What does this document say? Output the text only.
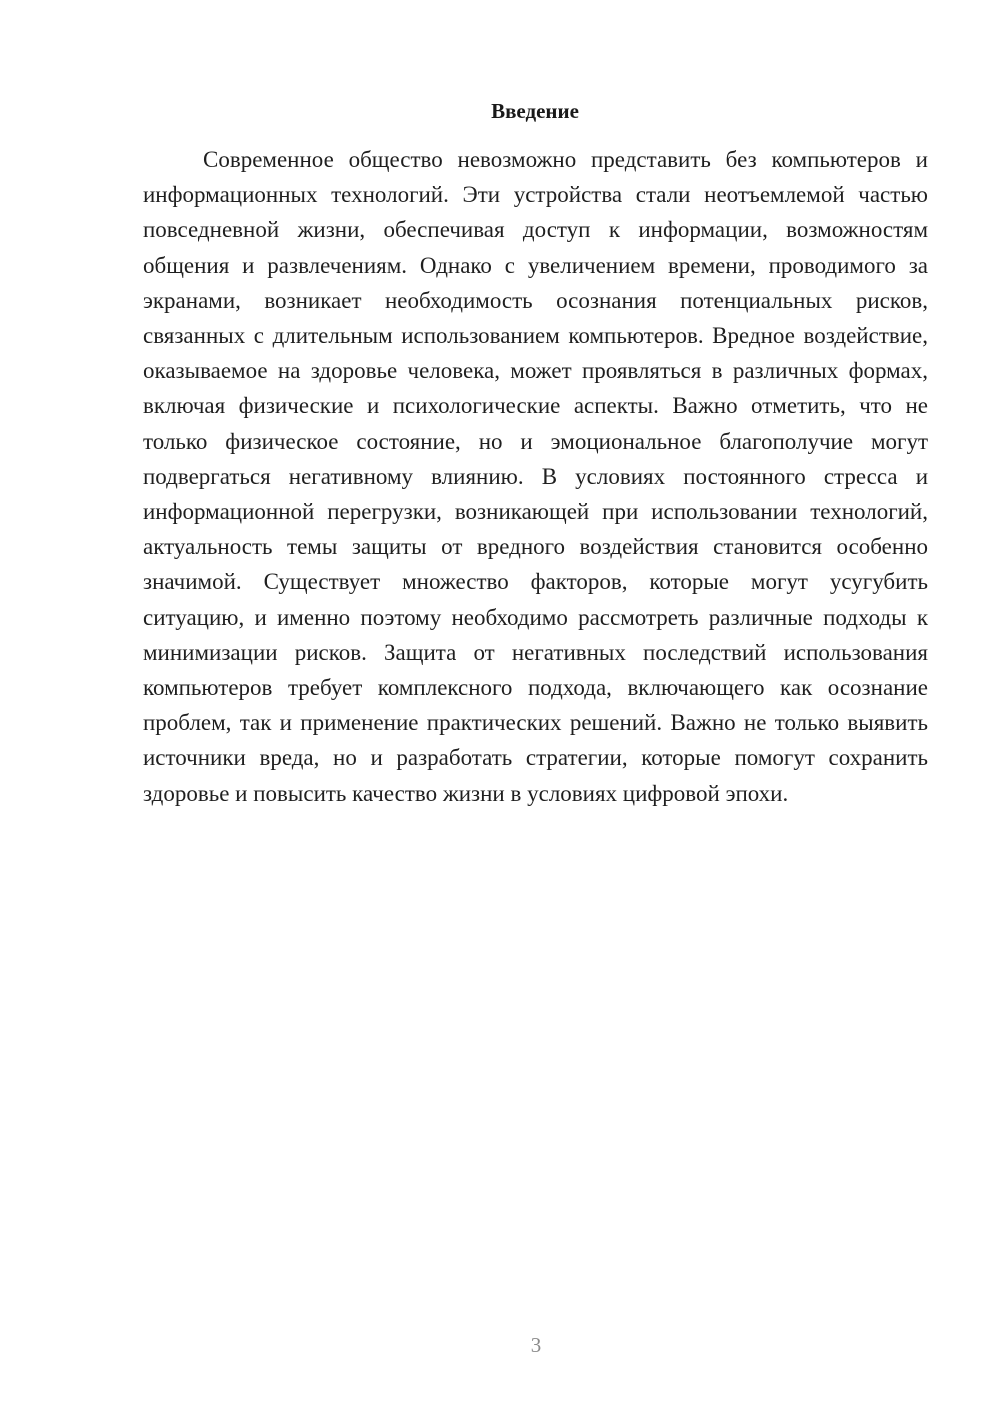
Введение

Современное общество невозможно представить без компьютеров и информационных технологий. Эти устройства стали неотъемлемой частью повседневной жизни, обеспечивая доступ к информации, возможностям общения и развлечениям. Однако с увеличением времени, проводимого за экранами, возникает необходимость осознания потенциальных рисков, связанных с длительным использованием компьютеров. Вредное воздействие, оказываемое на здоровье человека, может проявляться в различных формах, включая физические и психологические аспекты. Важно отметить, что не только физическое состояние, но и эмоциональное благополучие могут подвергаться негативному влиянию. В условиях постоянного стресса и информационной перегрузки, возникающей при использовании технологий, актуальность темы защиты от вредного воздействия становится особенно значимой. Существует множество факторов, которые могут усугубить ситуацию, и именно поэтому необходимо рассмотреть различные подходы к минимизации рисков. Защита от негативных последствий использования компьютеров требует комплексного подхода, включающего как осознание проблем, так и применение практических решений. Важно не только выявить источники вреда, но и разработать стратегии, которые помогут сохранить здоровье и повысить качество жизни в условиях цифровой эпохи.

3
